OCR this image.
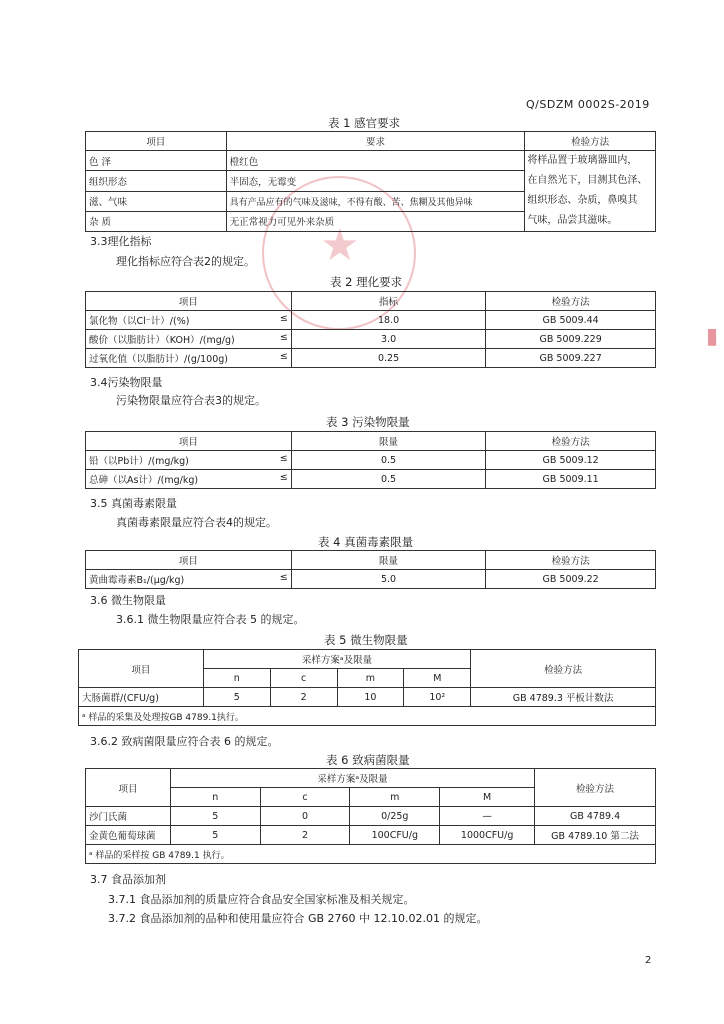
★
▮
Q/SDZM 0002S-2019
表 1 感官要求
项目	要求	检验方法
色 泽	橙红色	将样品置于玻璃器皿内，
在自然光下，目测其色泽、
组织形态、杂质，鼻嗅其
气味，品尝其滋味。

组织形态	半固态，无霉变	
滋、气味	具有产品应有的气味及滋味，不得有酸、苦、焦糊及其他异味	
杂 质	无正常视力可见外来杂质	
3.3理化指标
理化指标应符合表2的规定。
表 2 理化要求
项目	指标	检验方法
氯化物（以Cl⁻计）/(%) ≤	18.0	GB 5009.44
酸价（以脂肪计）（KOH）/(mg/g) ≤	3.0	GB 5009.229
过氧化值（以脂肪计）/(g/100g) ≤	0.25	GB 5009.227
3.4污染物限量
污染物限量应符合表3的规定。
表 3 污染物限量
项目	限量	检验方法
铅（以Pb计）/(mg/kg) ≤	0.5	GB 5009.12
总砷（以As计）/(mg/kg) ≤	0.5	GB 5009.11
3.5 真菌毒素限量
真菌毒素限量应符合表4的规定。
表 4 真菌毒素限量
项目	限量	检验方法
黄曲霉毒素B₁/(μg/kg) ≤	5.0	GB 5009.22
3.6 微生物限量
3.6.1 微生物限量应符合表 5 的规定。
表 5 微生物限量
项目	采样方案ᵃ及限量				检验方法
	n	c	m	M	
大肠菌群/(CFU/g)	5	2	10	10²	GB 4789.3 平板计数法
ᵃ 样品的采集及处理按GB 4789.1执行。					
3.6.2 致病菌限量应符合表 6 的规定。
表 6 致病菌限量
项目	采样方案ᵃ及限量				检验方法
	n	c	m	M	
沙门氏菌	5	0	0/25g	—	GB 4789.4
金黄色葡萄球菌	5	2	100CFU/g	1000CFU/g	GB 4789.10 第二法
ᵃ 样品的采样按 GB 4789.1 执行。					
3.7 食品添加剂
3.7.1 食品添加剂的质量应符合食品安全国家标准及相关规定。
3.7.2 食品添加剂的品种和使用量应符合 GB 2760 中 12.10.02.01 的规定。
2
